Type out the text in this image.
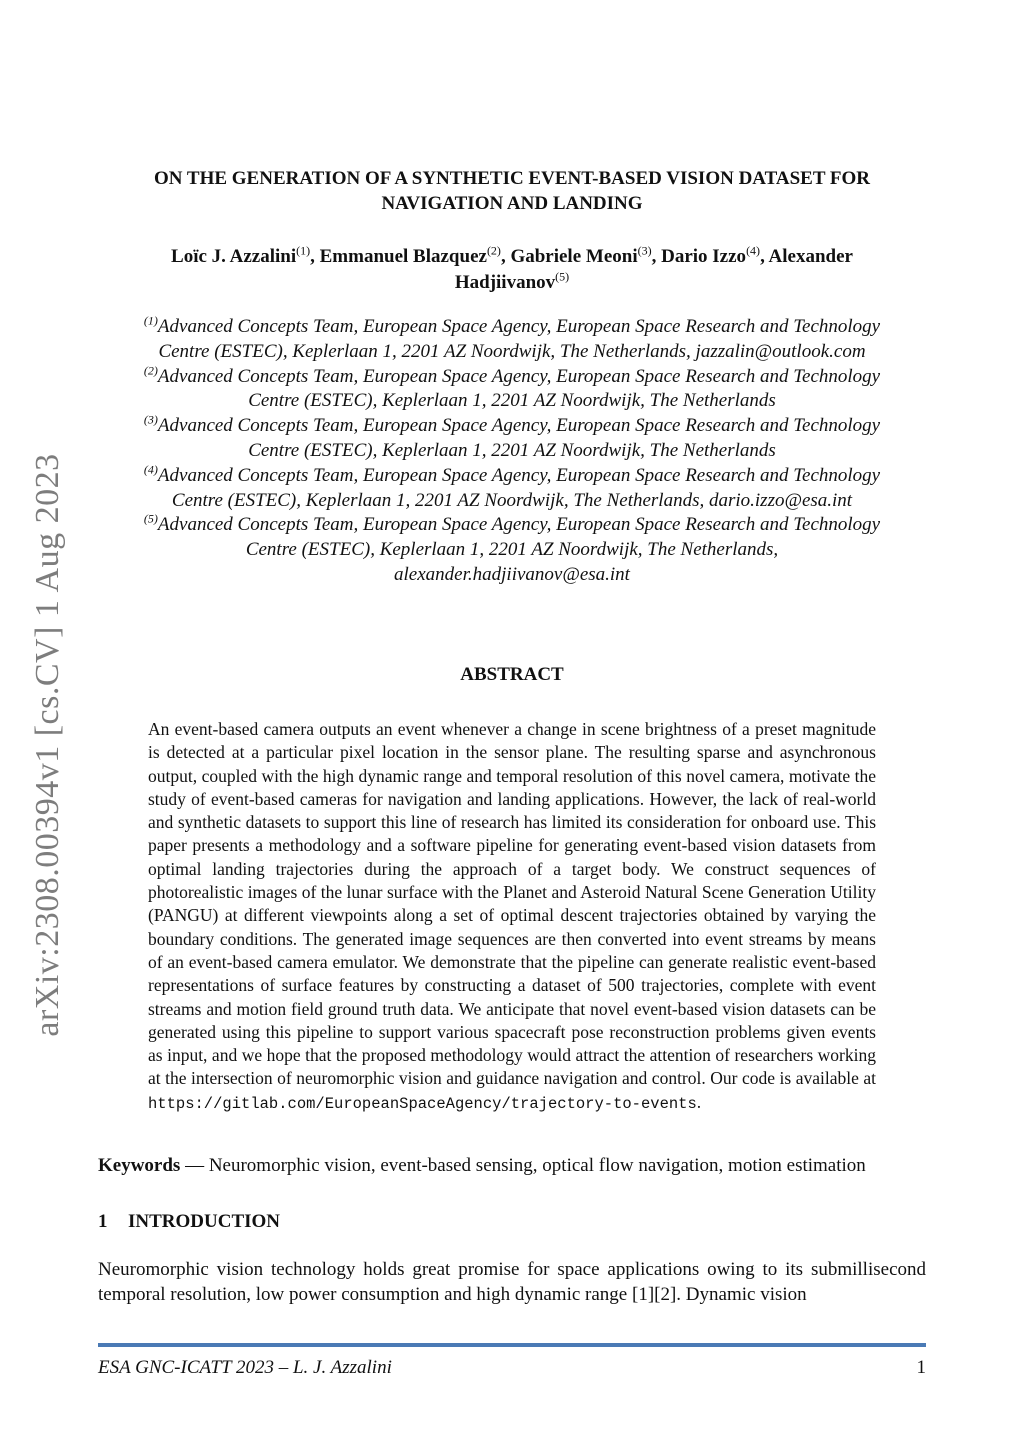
arXiv:2308.00394v1 [cs.CV] 1 Aug 2023
ON THE GENERATION OF A SYNTHETIC EVENT-BASED VISION DATASET FOR
NAVIGATION AND LANDING
Loïc J. Azzalini$^{(1)}$, Emmanuel Blazquez$^{(2)}$, Gabriele Meoni$^{(3)}$, Dario Izzo$^{(4)}$, Alexander
Hadjiivanov$^{(5)}$

$^{(1)}$Advanced Concepts Team, European Space Agency, European Space Research and Technology
Centre (ESTEC), Keplerlaan 1, 2201 AZ Noordwijk, The Netherlands, jazzalin@outlook.com

$^{(2)}$Advanced Concepts Team, European Space Agency, European Space Research and Technology
Centre (ESTEC), Keplerlaan 1, 2201 AZ Noordwijk, The Netherlands

$^{(3)}$Advanced Concepts Team, European Space Agency, European Space Research and Technology
Centre (ESTEC), Keplerlaan 1, 2201 AZ Noordwijk, The Netherlands

$^{(4)}$Advanced Concepts Team, European Space Agency, European Space Research and Technology
Centre (ESTEC), Keplerlaan 1, 2201 AZ Noordwijk, The Netherlands, dario.izzo@esa.int

$^{(5)}$Advanced Concepts Team, European Space Agency, European Space Research and Technology
Centre (ESTEC), Keplerlaan 1, 2201 AZ Noordwijk, The Netherlands,
alexander.hadjiivanov@esa.int

ABSTRACT

An event-based camera outputs an event whenever a change in scene brightness of a preset magnitude is detected at a particular pixel location in the sensor plane. The resulting sparse and asynchronous output, coupled with the high dynamic range and temporal resolution of this novel camera, motivate the study of event-based cameras for navigation and landing applications. However, the lack of real-world and synthetic datasets to support this line of research has limited its consideration for onboard use. This paper presents a methodology and a software pipeline for generating event-based vision datasets from optimal landing trajectories during the approach of a target body. We construct sequences of photorealistic images of the lunar surface with the Planet and Asteroid Natural Scene Generation Utility (PANGU) at different viewpoints along a set of optimal descent trajectories obtained by varying the boundary conditions. The generated image sequences are then converted into event streams by means of an event-based camera emulator. We demonstrate that the pipeline can generate realistic event-based representations of surface features by constructing a dataset of 500 trajectories, complete with event streams and motion field ground truth data. We anticipate that novel event-based vision datasets can be generated using this pipeline to support various spacecraft pose reconstruction problems given events as input, and we hope that the proposed methodology would attract the attention of researchers working at the intersection of neuromorphic vision and guidance navigation and control. Our code is available at https://gitlab.com/EuropeanSpaceAgency/trajectory-to-events.

Keywords — Neuromorphic vision, event-based sensing, optical flow navigation, motion estimation

1 INTRODUCTION

Neuromorphic vision technology holds great promise for space applications owing to its submillisecond temporal resolution, low power consumption and high dynamic range [1][2]. Dynamic vision

ESA GNC-ICATT 2023 – L. J. Azzalini	1
